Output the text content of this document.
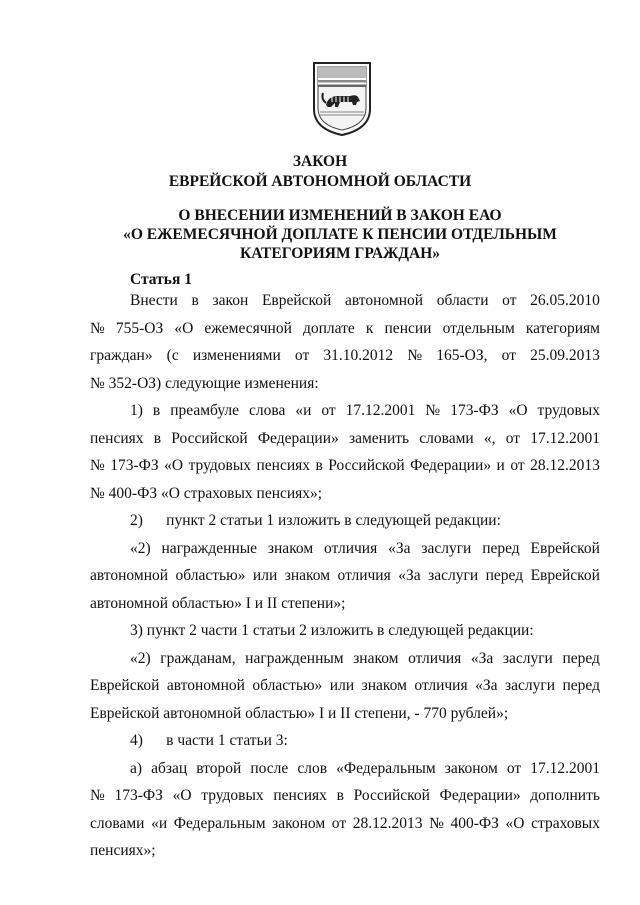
ЗАКОН
ЕВРЕЙСКОЙ АВТОНОМНОЙ ОБЛАСТИ
О ВНЕСЕНИИ ИЗМЕНЕНИЙ В ЗАКОН ЕАО
«О ЕЖЕМЕСЯЧНОЙ ДОПЛАТЕ К ПЕНСИИ ОТДЕЛЬНЫМ
КАТЕГОРИЯМ ГРАЖДАН»
Статья 1
Внести в закон Еврейской автономной области от 26.05.2010
№ 755-ОЗ «О ежемесячной доплате к пенсии отдельным категориям
граждан» (с изменениями от 31.10.2012 № 165-ОЗ, от 25.09.2013
№ 352-ОЗ) следующие изменения:
1) в преамбуле слова «и от 17.12.2001 № 173-ФЗ «О трудовых
пенсиях в Российской Федерации» заменить словами «, от 17.12.2001
№ 173-ФЗ «О трудовых пенсиях в Российской Федерации» и от 28.12.2013
№ 400-ФЗ «О страховых пенсиях»;
2)      пункт 2 статьи 1 изложить в следующей редакции:
«2) награжденные знаком отличия «За заслуги перед Еврейской
автономной областью» или знаком отличия «За заслуги перед Еврейской
автономной областью» I и II степени»;
3) пункт 2 части 1 статьи 2 изложить в следующей редакции:
«2) гражданам, награжденным знаком отличия «За заслуги перед
Еврейской автономной областью» или знаком отличия «За заслуги перед
Еврейской автономной областью» I и II степени, - 770 рублей»;
4)      в части 1 статьи 3:
а) абзац второй после слов «Федеральным законом от 17.12.2001
№ 173-ФЗ «О трудовых пенсиях в Российской Федерации» дополнить
словами «и Федеральным законом от 28.12.2013 № 400-ФЗ «О страховых
пенсиях»;
